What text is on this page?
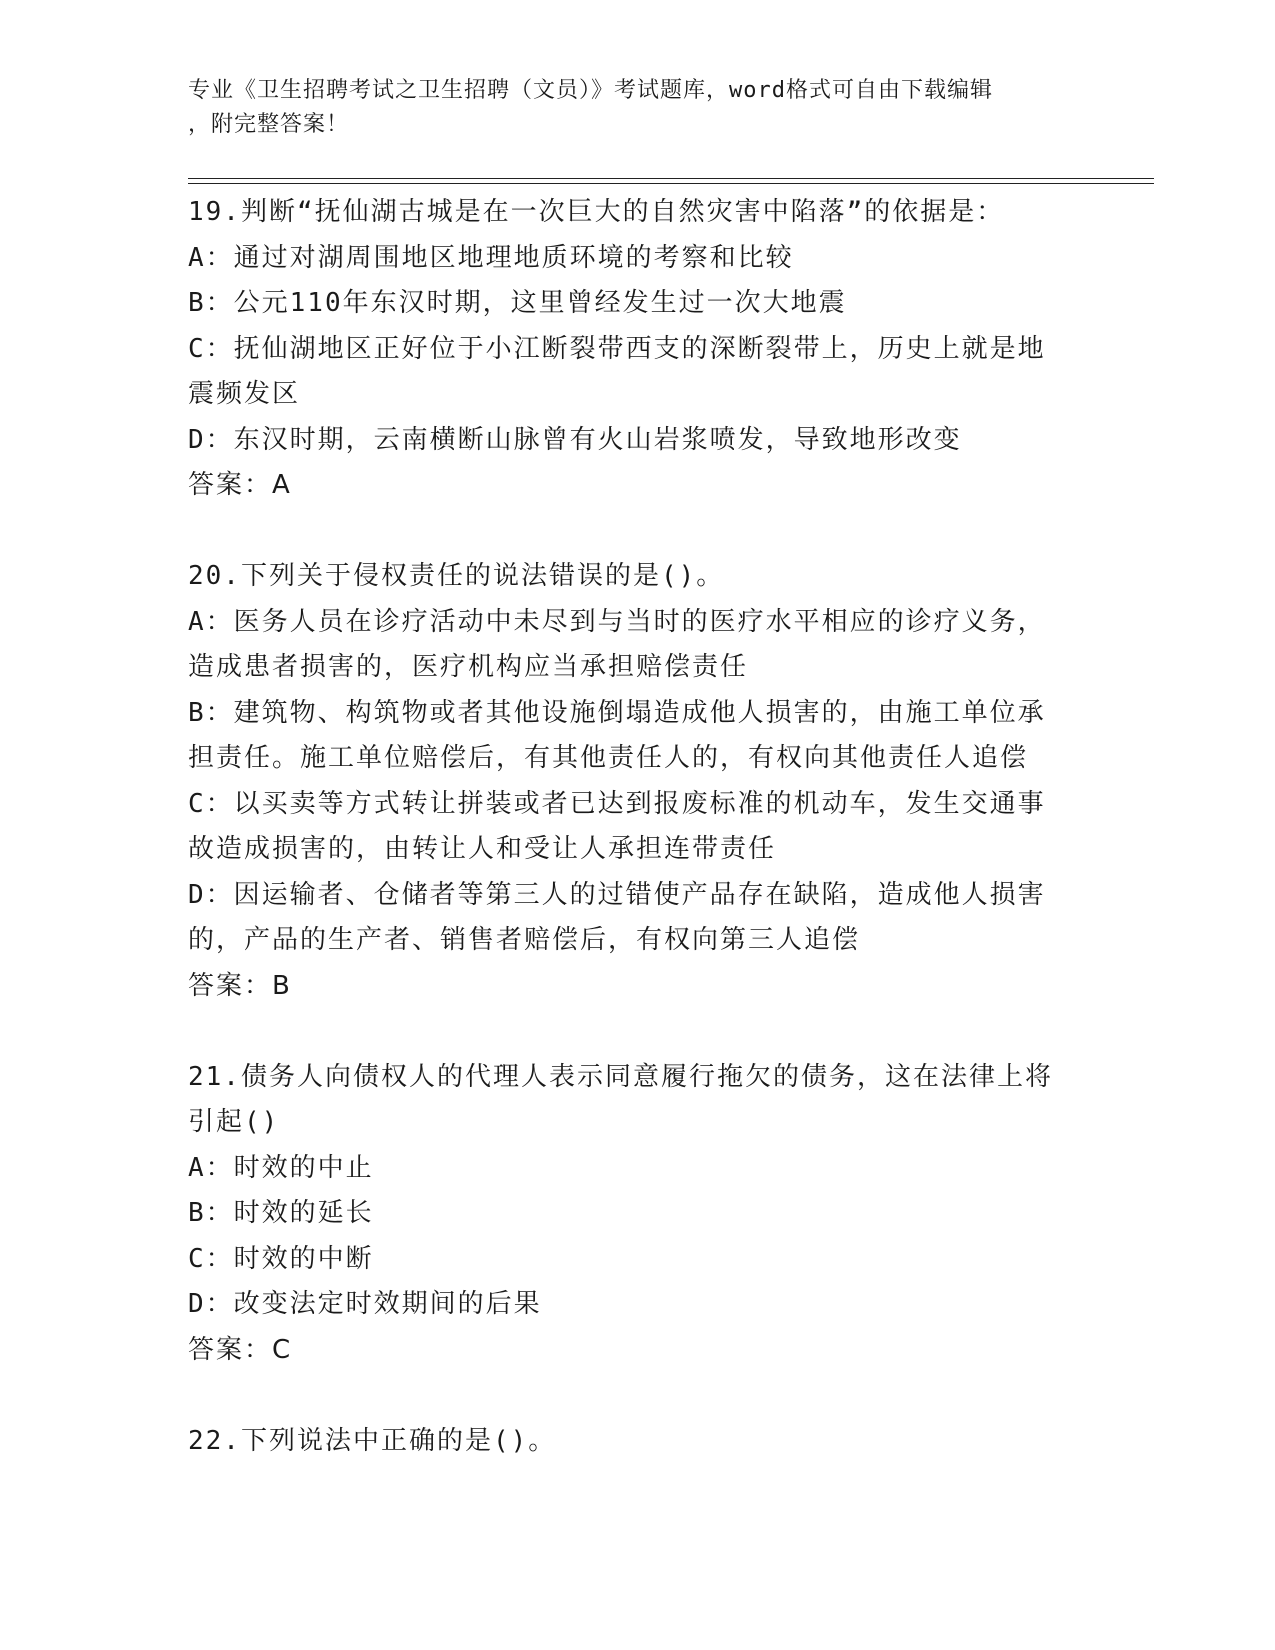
专业《卫生招聘考试之卫生招聘（文员）》考试题库，word格式可自由下载编辑
，附完整答案！
19.判断“抚仙湖古城是在一次巨大的自然灾害中陷落”的依据是：
A：通过对湖周围地区地理地质环境的考察和比较
B：公元110年东汉时期，这里曾经发生过一次大地震
C：抚仙湖地区正好位于小江断裂带西支的深断裂带上，历史上就是地
震频发区
D：东汉时期，云南横断山脉曾有火山岩浆喷发，导致地形改变
答案：A
20.下列关于侵权责任的说法错误的是()。
A：医务人员在诊疗活动中未尽到与当时的医疗水平相应的诊疗义务，
造成患者损害的，医疗机构应当承担赔偿责任
B：建筑物、构筑物或者其他设施倒塌造成他人损害的，由施工单位承
担责任。施工单位赔偿后，有其他责任人的，有权向其他责任人追偿
C：以买卖等方式转让拼装或者已达到报废标准的机动车，发生交通事
故造成损害的，由转让人和受让人承担连带责任
D：因运输者、仓储者等第三人的过错使产品存在缺陷，造成他人损害
的，产品的生产者、销售者赔偿后，有权向第三人追偿
答案：B
21.债务人向债权人的代理人表示同意履行拖欠的债务，这在法律上将
引起()
A：时效的中止
B：时效的延长
C：时效的中断
D：改变法定时效期间的后果
答案：C
22.下列说法中正确的是()。
